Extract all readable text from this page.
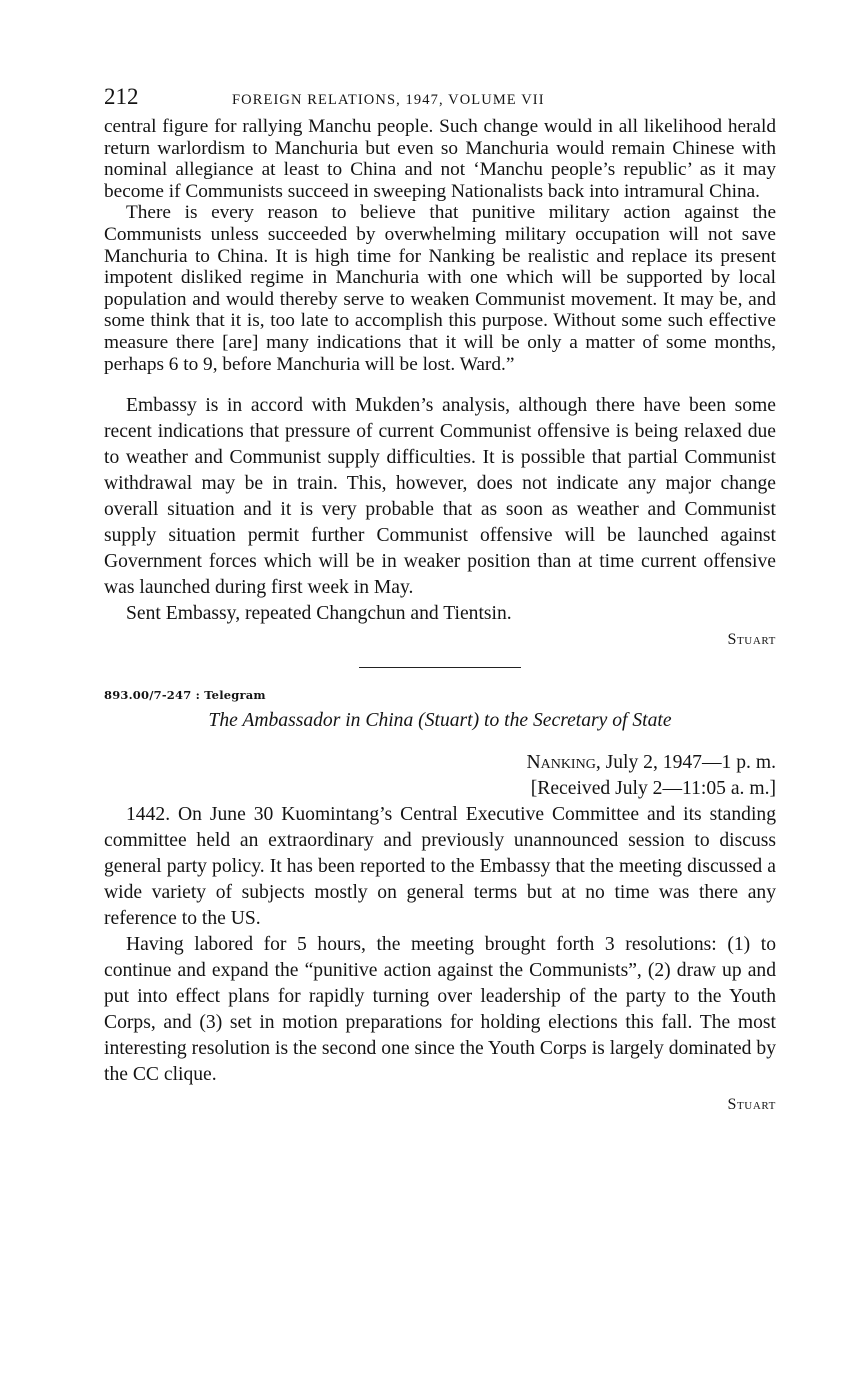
212	FOREIGN RELATIONS, 1947, VOLUME VII

central figure for rallying Manchu people. Such change would in all likelihood herald return warlordism to Manchuria but even so Manchuria would remain Chinese with nominal allegiance at least to China and not ‘Manchu people’s republic’ as it may become if Communists succeed in sweeping Nationalists back into intramural China.

There is every reason to believe that punitive military action against the Communists unless succeeded by overwhelming military occupation will not save Manchuria to China. It is high time for Nanking be realistic and replace its present impotent disliked regime in Manchuria with one which will be supported by local population and would thereby serve to weaken Communist movement. It may be, and some think that it is, too late to accomplish this purpose. Without some such effective measure there [are] many indications that it will be only a matter of some months, perhaps 6 to 9, before Manchuria will be lost. Ward.”

Embassy is in accord with Mukden’s analysis, although there have been some recent indications that pressure of current Communist offensive is being relaxed due to weather and Communist supply difficulties. It is possible that partial Communist withdrawal may be in train. This, however, does not indicate any major change overall situation and it is very probable that as soon as weather and Communist supply situation permit further Communist offensive will be launched against Government forces which will be in weaker position than at time current offensive was launched during first week in May.

Sent Embassy, repeated Changchun and Tientsin.

Stuart
893.00/7-247 : Telegram
The Ambassador in China (Stuart) to the Secretary of State
Nanking, July 2, 1947—1 p. m.
[Received July 2—11:05 a. m.]

1442. On June 30 Kuomintang’s Central Executive Committee and its standing committee held an extraordinary and previously unannounced session to discuss general party policy. It has been reported to the Embassy that the meeting discussed a wide variety of subjects mostly on general terms but at no time was there any reference to the US.

Having labored for 5 hours, the meeting brought forth 3 resolutions: (1) to continue and expand the “punitive action against the Communists”, (2) draw up and put into effect plans for rapidly turning over leadership of the party to the Youth Corps, and (3) set in motion preparations for holding elections this fall. The most interesting resolution is the second one since the Youth Corps is largely dominated by the CC clique.

Stuart
